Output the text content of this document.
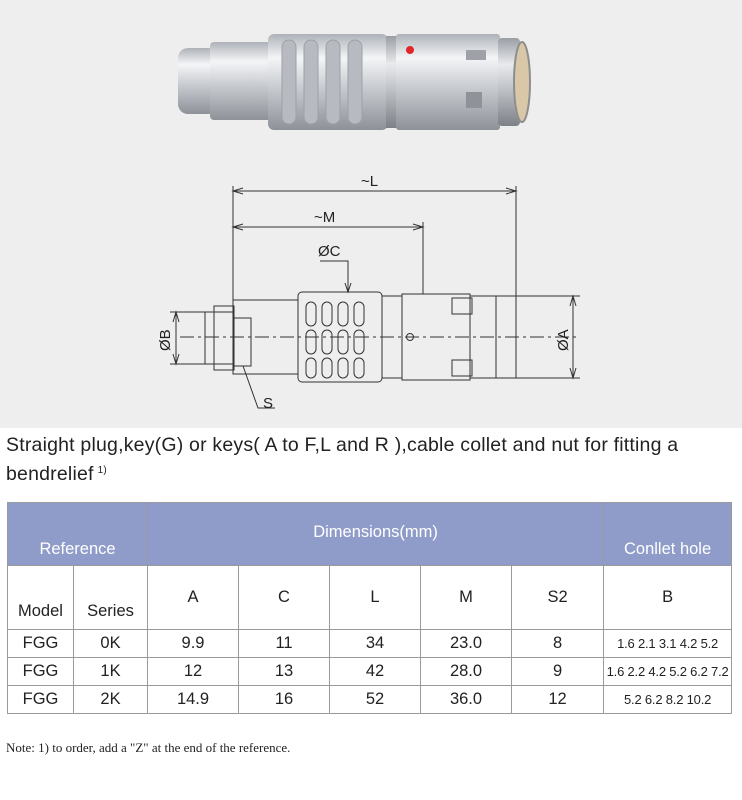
~L
~M
ØC
S
ØB	ØA
Straight plug,key(G) or keys( A to F,L and R ),cable collet and nut for fitting a bendrelief $^{1)}$
Reference		Dimensions(mm)					Conllet hole
Model	Series	A	C	L	M	S2	B
FGG	0K	9.9	11	34	23.0	8	1.6 2.1 3.1 4.2 5.2
FGG	1K	12	13	42	28.0	9	1.6 2.2 4.2 5.2 6.2 7.2
FGG	2K	14.9	16	52	36.0	12	5.2 6.2 8.2 10.2
Note: 1) to order, add a "Z" at the end of the reference.
